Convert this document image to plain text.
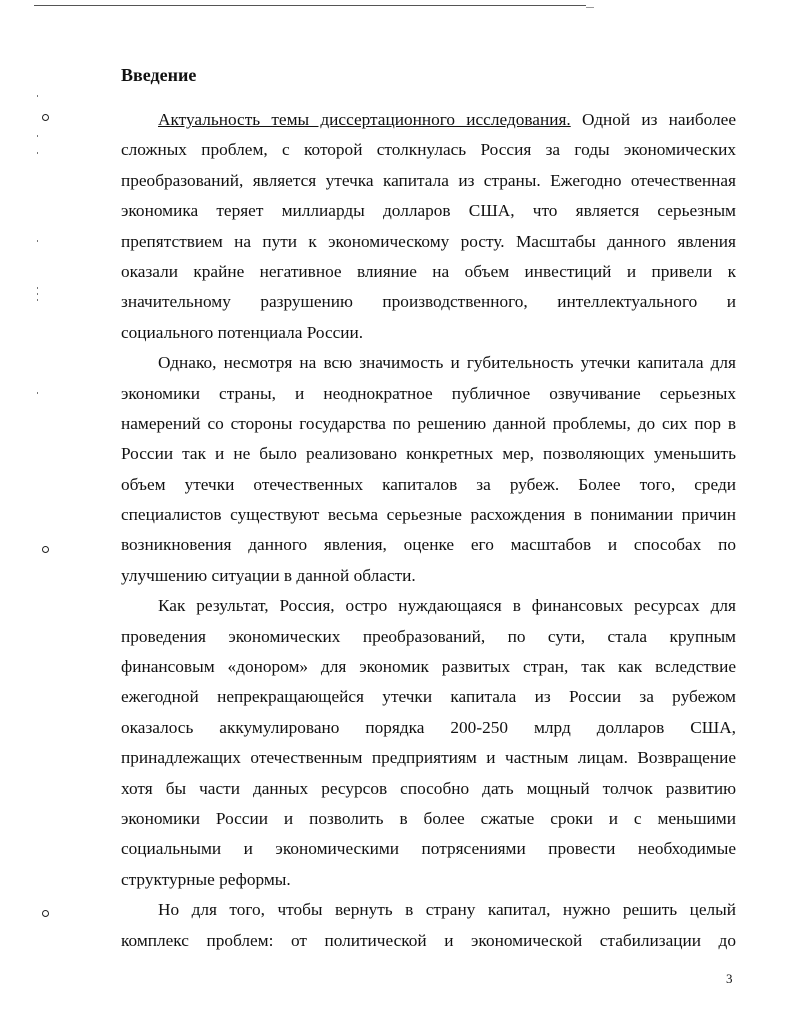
Введение
Актуальность темы диссертационного исследования. Одной из наиболее
сложных проблем, с которой столкнулась Россия за годы экономических
преобразований, является утечка капитала из страны. Ежегодно отечественная
экономика теряет миллиарды долларов США, что является серьезным
препятствием на пути к экономическому росту. Масштабы данного явления
оказали крайне негативное влияние на объем инвестиций и привели к
значительному разрушению производственного, интеллектуального и
социального потенциала России.
Однако, несмотря на всю значимость и губительность утечки капитала для
экономики страны, и неоднократное публичное озвучивание серьезных
намерений со стороны государства по решению данной проблемы, до сих пор в
России так и не было реализовано конкретных мер, позволяющих уменьшить
объем утечки отечественных капиталов за рубеж. Более того, среди
специалистов существуют весьма серьезные расхождения в понимании причин
возникновения данного явления, оценке его масштабов и способах по
улучшению ситуации в данной области.
Как результат, Россия, остро нуждающаяся в финансовых ресурсах для
проведения экономических преобразований, по сути, стала крупным
финансовым «донором» для экономик развитых стран, так как вследствие
ежегодной непрекращающейся утечки капитала из России за рубежом
оказалось аккумулировано порядка 200-250 млрд долларов США,
принадлежащих отечественным предприятиям и частным лицам. Возвращение
хотя бы части данных ресурсов способно дать мощный толчок развитию
экономики России и позволить в более сжатые сроки и с меньшими
социальными и экономическими потрясениями провести необходимые
структурные реформы.
Но для того, чтобы вернуть в страну капитал, нужно решить целый
комплекс проблем: от политической и экономической стабилизации до
3
